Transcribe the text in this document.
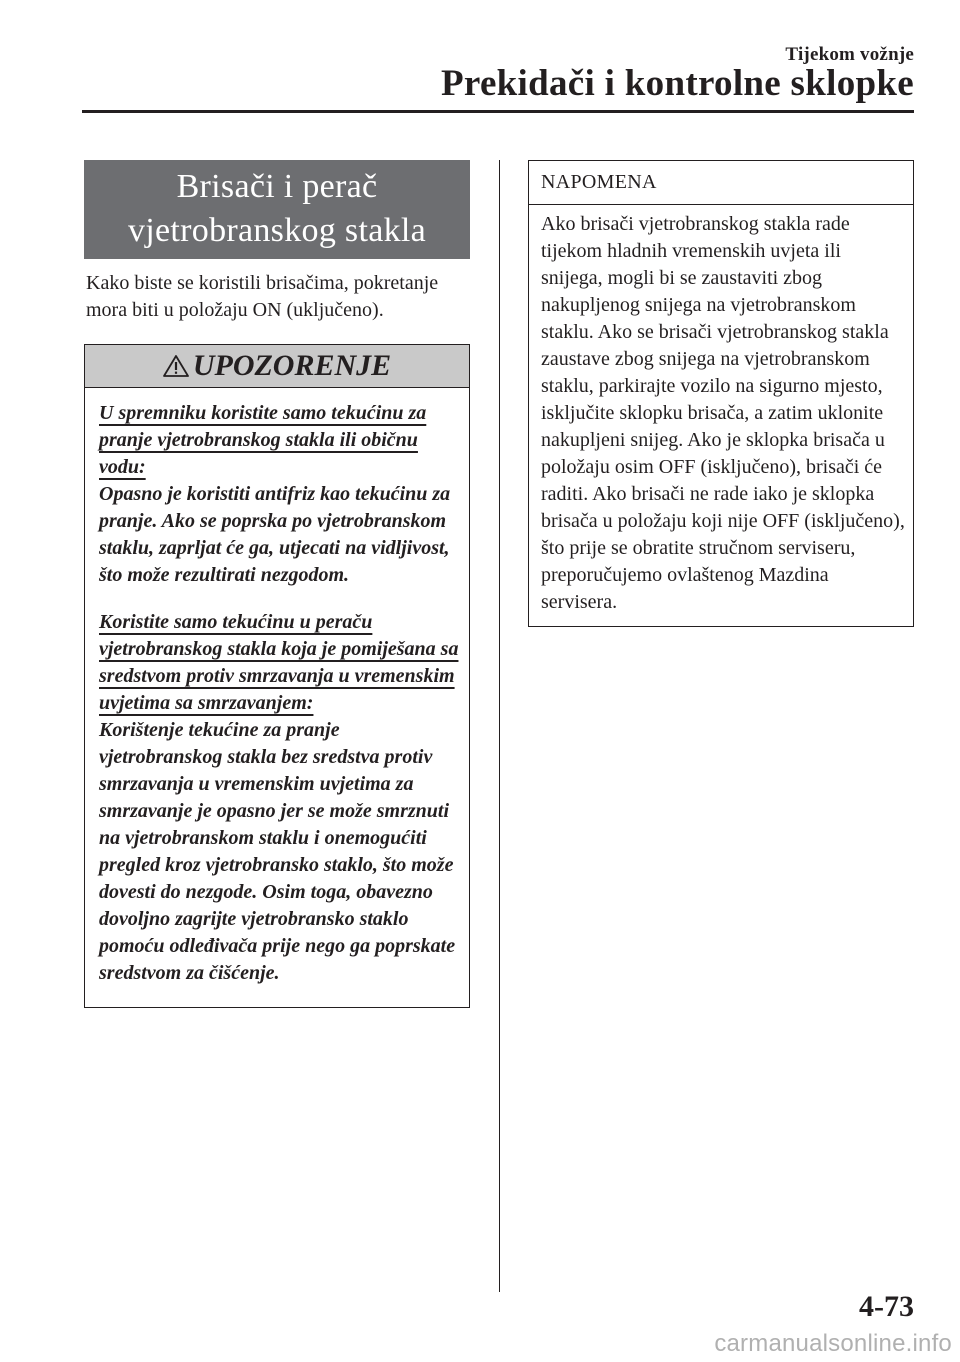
Tijekom vožnje
Prekidači i kontrolne sklopke
Brisači i perač
vjetrobranskog stakla

Kako biste se koristili brisačima, pokretanje mora biti u položaju ON (uključeno).

UPOZORENJE

U spremniku koristite samo tekućinu za pranje vjetrobranskog stakla ili običnu vodu:
Opasno je koristiti antifriz kao tekućinu za pranje. Ako se poprska po vjetrobranskom staklu, zaprljat će ga, utjecati na vidljivost, što može rezultirati nezgodom.

Koristite samo tekućinu u peraču vjetrobranskog stakla koja je pomiješana sa sredstvom protiv smrzavanja u vremenskim uvjetima sa smrzavanjem:
Korištenje tekućine za pranje vjetrobranskog stakla bez sredstva protiv smrzavanja u vremenskim uvjetima za smrzavanje je opasno jer se može smrznuti na vjetrobranskom staklu i onemogućiti pregled kroz vjetrobransko staklo, što može dovesti do nezgode. Osim toga, obavezno dovoljno zagrijte vjetrobransko staklo pomoću odleđivača prije nego ga poprskate sredstvom za čišćenje.

NAPOMENA
Ako brisači vjetrobranskog stakla rade tijekom hladnih vremenskih uvjeta ili snijega, mogli bi se zaustaviti zbog nakupljenog snijega na vjetrobranskom staklu. Ako se brisači vjetrobranskog stakla zaustave zbog snijega na vjetrobranskom staklu, parkirajte vozilo na sigurno mjesto, isključite sklopku brisača, a zatim uklonite nakupljeni snijeg. Ako je sklopka brisača u položaju osim OFF (isključeno), brisači će raditi. Ako brisači ne rade iako je sklopka brisača u položaju koji nije OFF (isključeno), što prije se obratite stručnom serviseru, preporučujemo ovlaštenog Mazdina servisera.
4-73
carmanualsonline.info
